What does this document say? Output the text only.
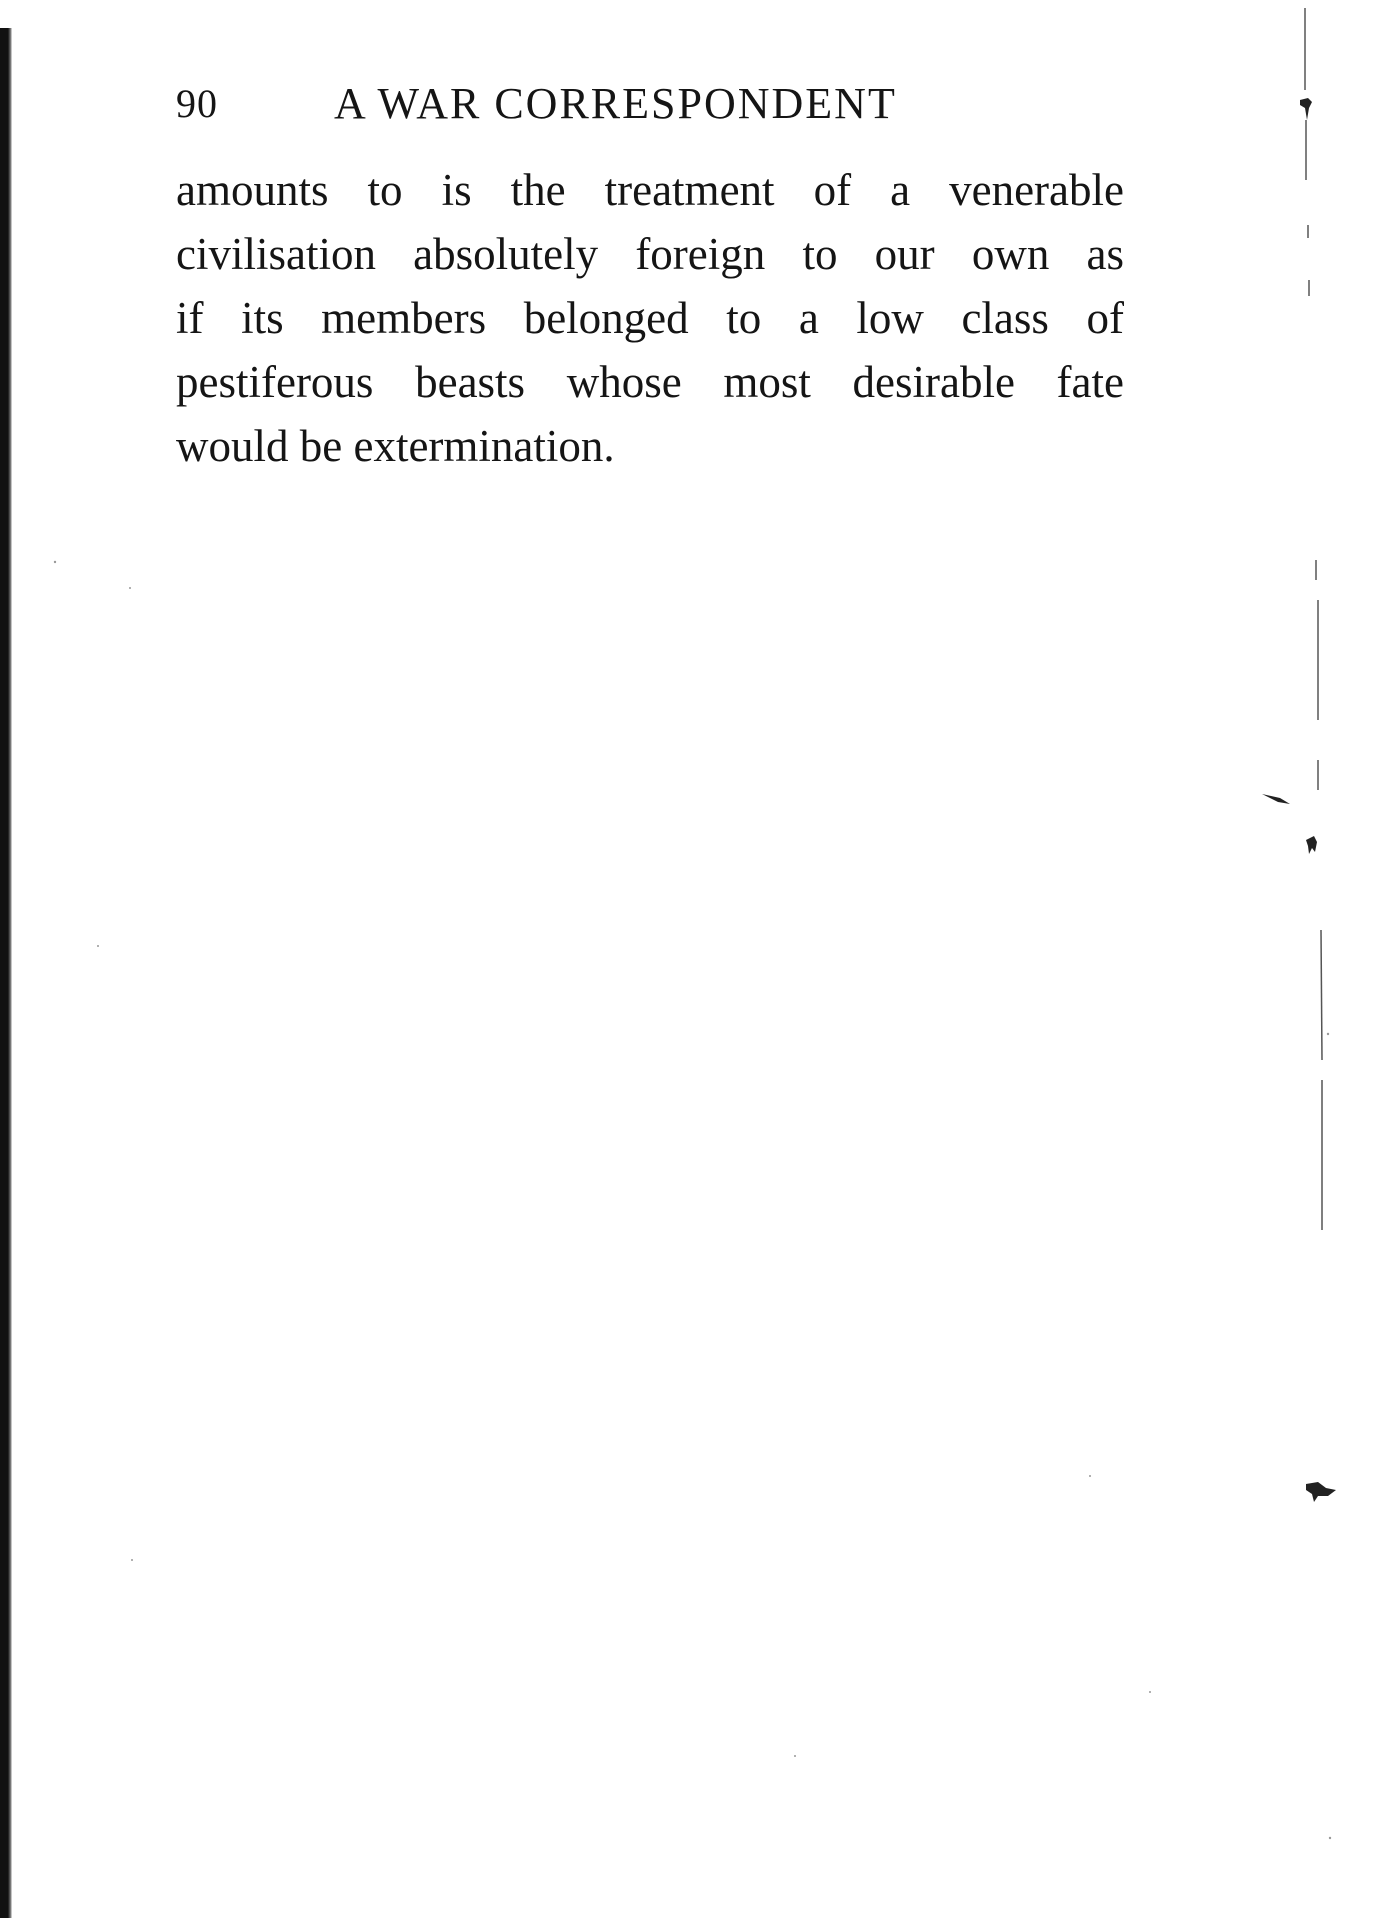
90	A WAR CORRESPONDENT
amounts to is the treatment of a venerable
civilisation absolutely foreign to our own as
if its members belonged to a low class of
pestiferous beasts whose most desirable fate
would be extermination.
